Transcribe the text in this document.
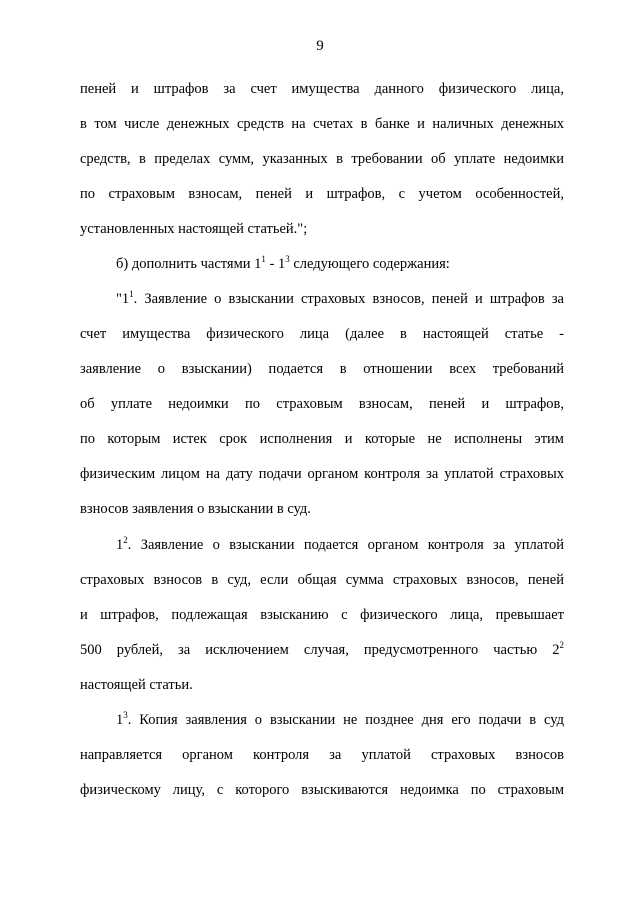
9
пеней и штрафов за счет имущества данного физического лица,
в том числе денежных средств на счетах в банке и наличных денежных
средств, в пределах сумм, указанных в требовании об уплате недоимки
по страховым взносам, пеней и штрафов, с учетом особенностей,
установленных настоящей статьей.";
б) дополнить частями $1^1 - 1^3$ следующего содержания:
"$1^1$. Заявление о взыскании страховых взносов, пеней и штрафов за
счет имущества физического лица (далее в настоящей статье -
заявление о взыскании) подается в отношении всех требований
об уплате недоимки по страховым взносам, пеней и штрафов,
по которым истек срок исполнения и которые не исполнены этим
физическим лицом на дату подачи органом контроля за уплатой страховых
взносов заявления о взыскании в суд.
$1^2$. Заявление о взыскании подается органом контроля за уплатой
страховых взносов в суд, если общая сумма страховых взносов, пеней
и штрафов, подлежащая взысканию с физического лица, превышает
500 рублей, за исключением случая, предусмотренного частью $2^2$
настоящей статьи.
$1^3$. Копия заявления о взыскании не позднее дня его подачи в суд
направляется органом контроля за уплатой страховых взносов
физическому лицу, с которого взыскиваются недоимка по страховым
